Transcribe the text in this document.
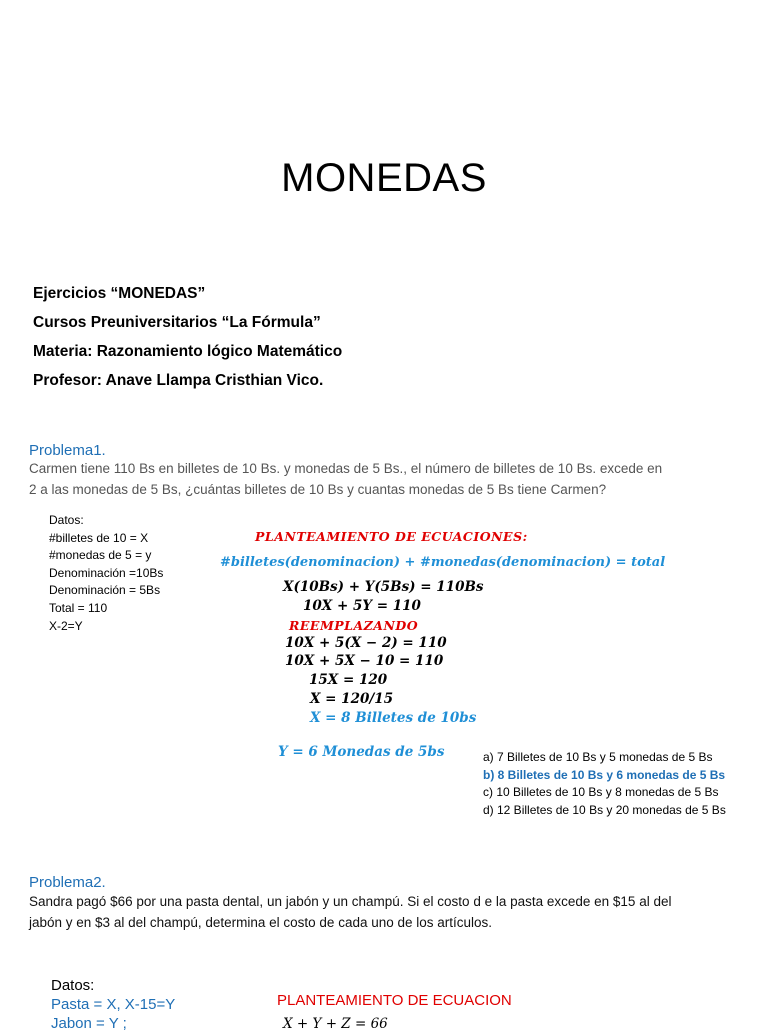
MONEDAS
Ejercicios “MONEDAS”
Cursos Preuniversitarios “La Fórmula”
Materia: Razonamiento lógico Matemático
Profesor: Anave Llampa Cristhian Vico.
Problema1.
Carmen tiene 110 Bs en billetes de 10 Bs. y monedas de 5 Bs., el número de billetes de 10 Bs. excede en
2 a las monedas de 5 Bs, ¿cuántas billetes de 10 Bs y cuantas monedas de 5 Bs tiene Carmen?
Datos:
#billetes de 10 = X
#monedas de 5 = y
Denominación =10Bs
Denominación = 5Bs
Total = 110
X-2=Y
PLANTEAMIENTO DE ECUACIONES:
#billetes(denominacion) + #monedas(denominacion) = total
X(10Bs) + Y(5Bs) = 110Bs
10X + 5Y = 110
REEMPLAZANDO
10X + 5(X − 2) = 110
10X + 5X − 10 = 110
15X = 120
X = 120/15
X = 8 Billetes de 10bs
Y = 6 Monedas de 5bs	a) 7 Billetes de 10 Bs y 5 monedas de 5 Bs
b) 8 Billetes de 10 Bs y 6 monedas de 5 Bs
c) 10 Billetes de 10 Bs y 8 monedas de 5 Bs
d) 12 Billetes de 10 Bs y 20 monedas de 5 Bs
Problema2.
Sandra pagó $66 por una pasta dental, un jabón y un champú. Si el costo d e la pasta excede en $15 al del
jabón y en $3 al del champú, determina el costo de cada uno de los artículos.
Datos:
Pasta = X, X-15=Y
Jabon = Y ;
PLANTEAMIENTO DE ECUACION
X + Y + Z = 66
